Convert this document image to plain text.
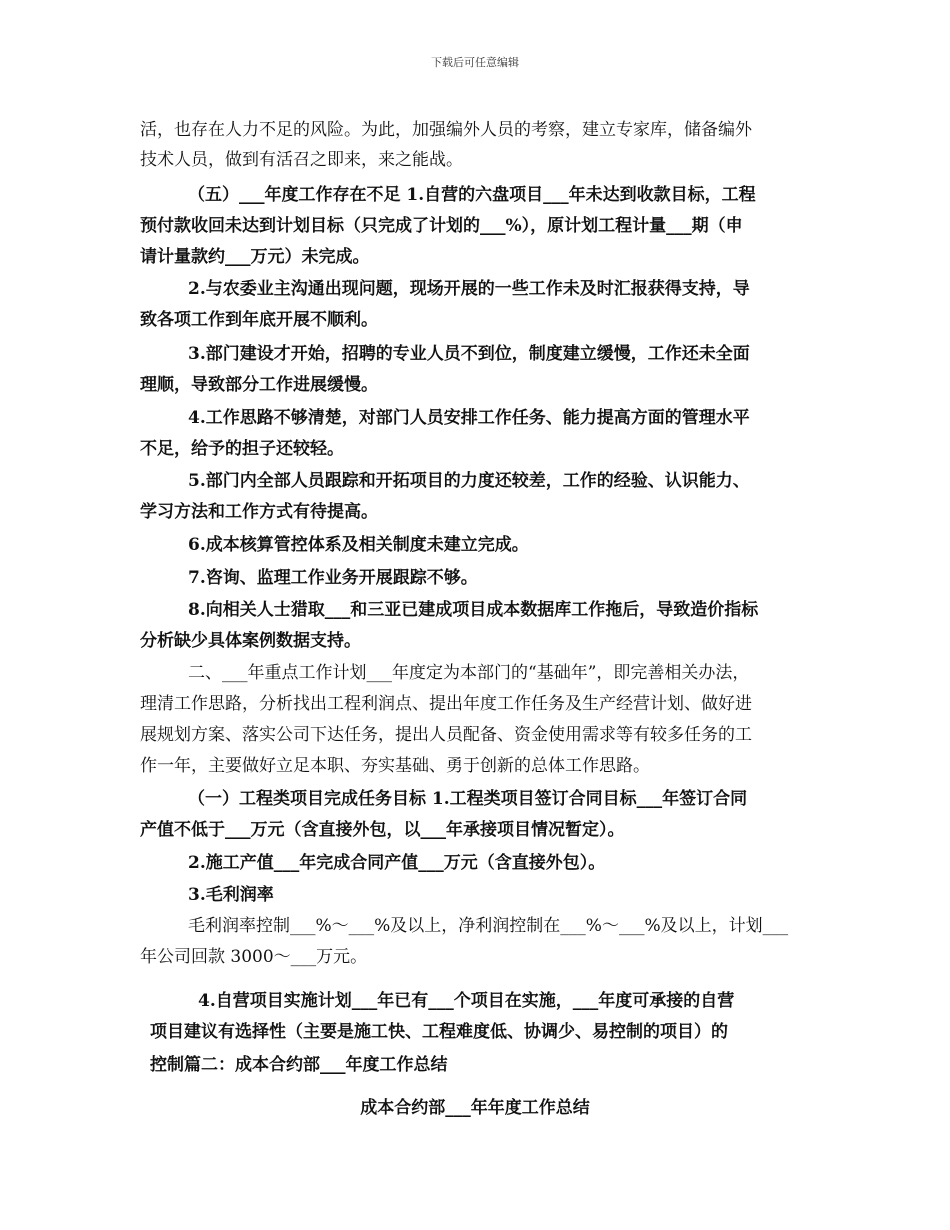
下载后可任意编辑

活，也存在人力不足的风险。为此，加强编外人员的考察，建立专家库，储备编外

技术人员，做到有活召之即来，来之能战。

（五）___年度工作存在不足 1.自营的六盘项目___年未达到收款目标，工程

预付款收回未达到计划目标（只完成了计划的___%），原计划工程计量___期（申

请计量款约___万元）未完成。

2.与农委业主沟通出现问题，现场开展的一些工作未及时汇报获得支持，导

致各项工作到年底开展不顺利。

3.部门建设才开始，招聘的专业人员不到位，制度建立缓慢，工作还未全面

理顺，导致部分工作进展缓慢。

4.工作思路不够清楚，对部门人员安排工作任务、能力提高方面的管理水平

不足，给予的担子还较轻。

5.部门内全部人员跟踪和开拓项目的力度还较差，工作的经验、认识能力、

学习方法和工作方式有待提高。

6.成本核算管控体系及相关制度未建立完成。

7.咨询、监理工作业务开展跟踪不够。

8.向相关人士猎取___和三亚已建成项目成本数据库工作拖后，导致造价指标

分析缺少具体案例数据支持。

二、___年重点工作计划___年度定为本部门的“基础年”，即完善相关办法，

理清工作思路，分析找出工程利润点、提出年度工作任务及生产经营计划、做好进

展规划方案、落实公司下达任务，提出人员配备、资金使用需求等有较多任务的工

作一年，主要做好立足本职、夯实基础、勇于创新的总体工作思路。

（一）工程类项目完成任务目标 1.工程类项目签订合同目标___年签订合同

产值不低于___万元（含直接外包，以___年承接项目情况暂定）。

2.施工产值___年完成合同产值___万元（含直接外包）。

3.毛利润率

毛利润率控制___%～___%及以上，净利润控制在___%～___%及以上，计划___

年公司回款 3000～___万元。

4.自营项目实施计划___年已有___个项目在实施，___年度可承接的自营

项目建议有选择性（主要是施工快、工程难度低、协调少、易控制的项目）的

控制篇二：成本合约部___年度工作总结

成本合约部___年年度工作总结
